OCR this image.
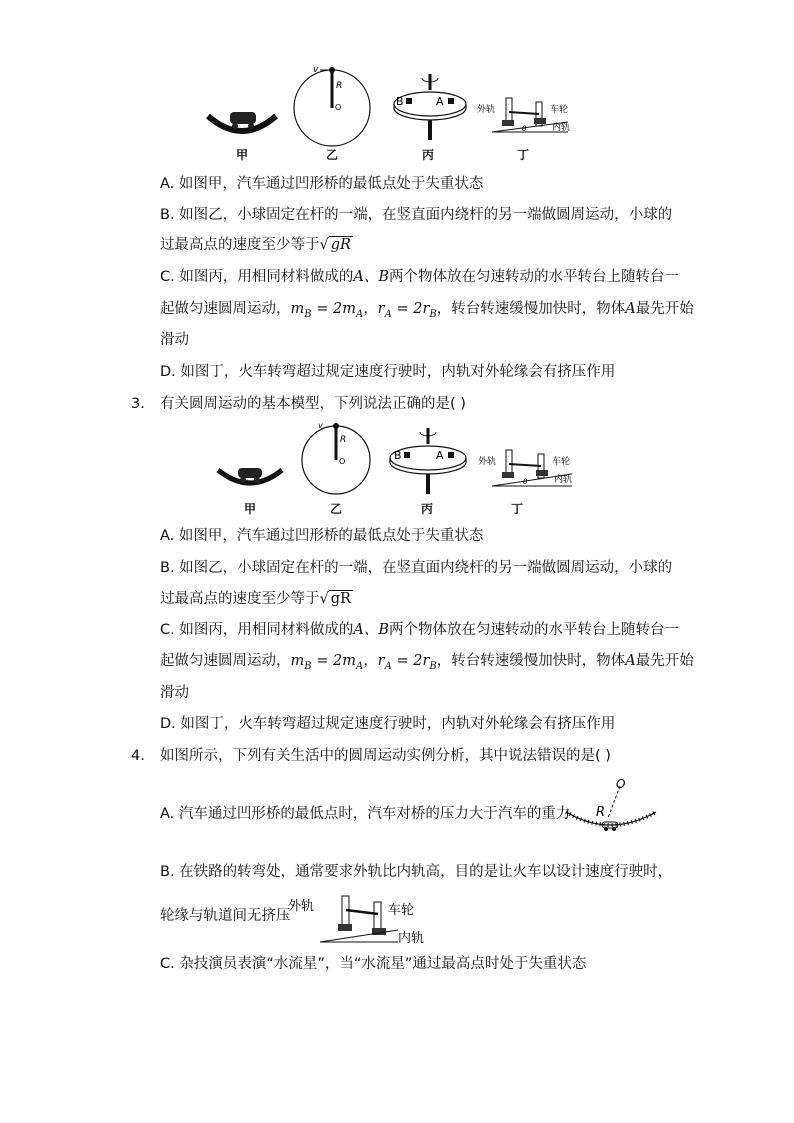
v
R
O	B	A
外轨	车轮
内轨
θ
甲	乙	丙	丁
A. 如图甲，汽车通过凹形桥的最低点处于失重状态
B. 如图乙，小球固定在杆的一端，在竖直面内绕杆的另一端做圆周运动，小球的
过最高点的速度至少等于√ gR
C. 如图丙，用相同材料做成的A、B两个物体放在匀速转动的水平转台上随转台一
起做匀速圆周运动，$m_B = 2m_A$，$r_A = 2r_B$，转台转速缓慢加快时，物体A最先开始
滑动
D. 如图丁，火车转弯超过规定速度行驶时，内轨对外轮缘会有挤压作用
3. 有关圆周运动的基本模型，下列说法正确的是( )
v
R
O	B	A	外轨	车轮
内轨
θ
甲	乙	丙	丁
A. 如图甲，汽车通过凹形桥的最低点处于失重状态
B. 如图乙，小球固定在杆的一端，在竖直面内绕杆的另一端做圆周运动，小球的
过最高点的速度至少等于√ gR
C. 如图丙，用相同材料做成的A、B两个物体放在匀速转动的水平转台上随转台一
起做匀速圆周运动，$m_B = 2m_A$，$r_A = 2r_B$，转台转速缓慢加快时，物体A最先开始
滑动
D. 如图丁，火车转弯超过规定速度行驶时，内轨对外轮缘会有挤压作用
4. 如图所示，下列有关生活中的圆周运动实例分析，其中说法错误的是( )
A. 汽车通过凹形桥的最低点时，汽车对桥的压力大于汽车的重力
O
R
B. 在铁路的转弯处，通常要求外轨比内轨高，目的是让火车以设计速度行驶时，
轮缘与轨道间无挤压
外轨	车轮
内轨
C. 杂技演员表演“水流星”，当“水流星”通过最高点时处于失重状态
